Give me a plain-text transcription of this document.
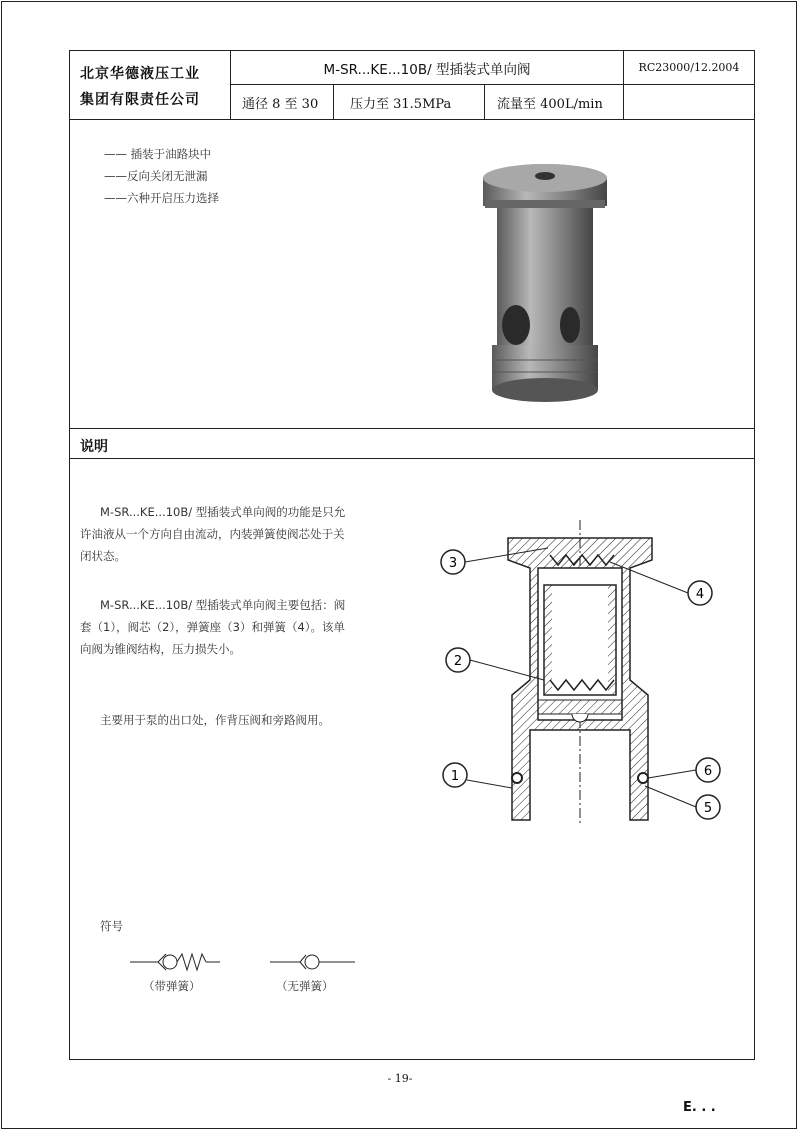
北京华德液压工业
集团有限责任公司
M-SR...KE...10B/ 型插装式单向阀	RC23000/12.2004
通径 8 至 30 压力至 31.5MPa	流量至 400L/min
—— 插装于油路块中
——反向关闭无泄漏
——六种开启压力选择
说明
M-SR...KE...10B/ 型插装式单向阀的功能是只允许油液从一个方向自由流动，内装弹簧使阀芯处于关闭状态。
M-SR...KE...10B/ 型插装式单向阀主要包括：阀套（1），阀芯（2），弹簧座（3）和弹簧（4）。该单向阀为锥阀结构，压力损失小。
主要用于泵的出口处，作背压阀和旁路阀用。
3
4
2
1	6
5
符号
（带弹簧）	（无弹簧）
- 19-
E. . .
